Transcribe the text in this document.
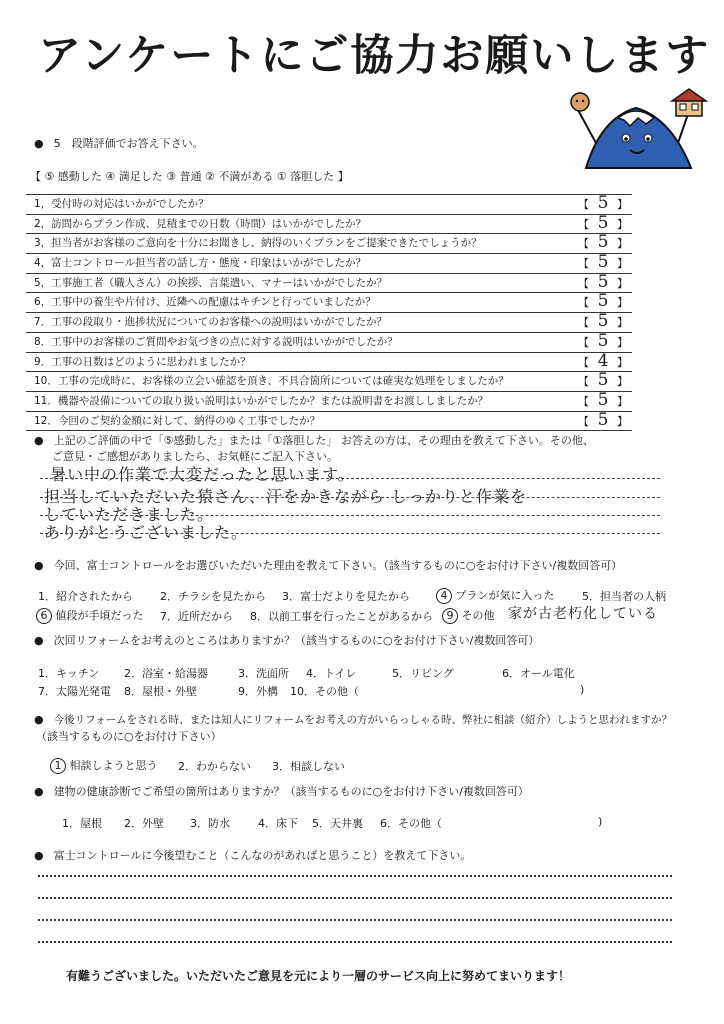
アンケートにご協力お願いします
● 5　段階評価でお答え下さい。
【 ⑤ 感動した ④ 満足した ③ 普通 ② 不満がある ① 落胆した 】
1，受付時の対応はいかがでしたか？	【 5 】
2，訪問からプラン作成、見積までの日数（時間）はいかがでしたか？	【 5 】
3，担当者がお客様のご意向を十分にお聞きし、納得のいくプランをご提案できたでしょうか？	【 5 】
4，富士コントロール担当者の話し方・態度・印象はいかがでしたか？	【 5 】
5，工事施工者（職人さん）の挨拶、言葉遣い、マナーはいかがでしたか？	【 5 】
6，工事中の養生や片付け、近隣への配慮はキチンと行っていましたか？	【 5 】
7．工事の段取り・進捗状況についてのお客様への説明はいかがでしたか？	【 5 】
8．工事中のお客様のご質問やお気づきの点に対する説明はいかがでしたか？	【 5 】
9．工事の日数はどのように思われましたか？	【 4 】
10．工事の完成時に、お客様の立会い確認を頂き、不具合箇所については確実な処理をしましたか？	【 5 】
11．機器や設備についての取り扱い説明はいかがでしたか？または説明書をお渡ししましたか？	【 5 】
12．今回のご契約金額に対して、納得のゆく工事でしたか？	【 5 】
● 上記のご評価の中で「⑤感動した」または「①落胆した」 お答えの方は、その理由を教えて下さい。その他、
ご意見・ご感想がありましたら、お気軽にご記入下さい。
暑い中の作業で大変だったと思います。
担当していただいた猿さん、汗をかきながら しっかりと作業を
していただきました。
ありがとうございました。
● 今回、富士コントロールをお選びいただいた理由を教えて下さい。（該当するものに○をお付け下さい/複数回答可）
1．紹介されたから 2．チラシを見たから 3．富士だよりを見たから	4 プランが気に入った	5．担当者の人柄
6 値段が手頃だった 7．近所だから 8．以前工事を行ったことがあるから	9 その他 家が古老朽化している
● 次回リフォームをお考えのところはありますか？（該当するものに○をお付け下さい/複数回答可）
1．キッチン 2．浴室・給湯器	3．洗面所 4．トイレ	5．リビング	6．オール電化
7．太陽光発電 8．屋根・外壁	9．外構 10．その他（	)
● 今後リフォームをされる時、または知人にリフォームをお考えの方がいらっしゃる時、弊社に相談（紹介）しようと思われますか？
（該当するものに○をお付け下さい）
1 相談しようと思う 2．わからない 3．相談しない
● 建物の健康診断でご希望の箇所はありますか？（該当するものに○をお付け下さい/複数回答可）
1．屋根 2．外壁 3．防水	4．床下 5．天井裏 6．その他（	)
● 富士コントロールに今後望むこと（こんなのがあればと思うこと）を教えて下さい。
有難うございました。いただいたご意見を元により一層のサービス向上に努めてまいります！
